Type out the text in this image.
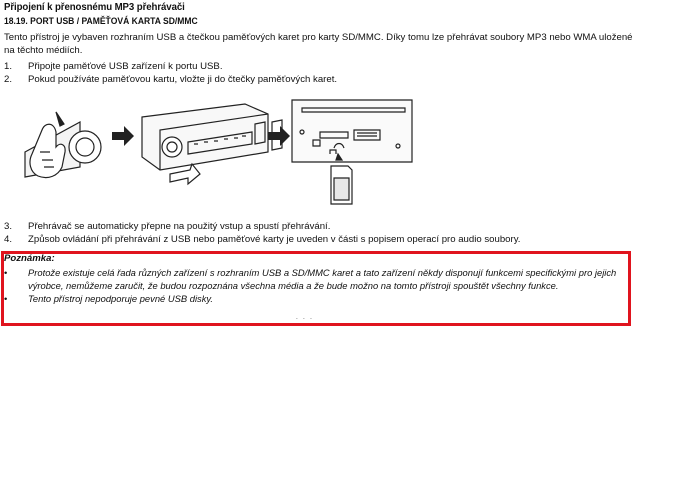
Připojení k přenosnému MP3 přehrávači
18.19. PORT USB / PAMĚŤOVÁ KARTA SD/MMC
Tento přístroj je vybaven rozhraním USB a čtečkou paměťových karet pro karty SD/MMC. Díky tomu lze přehrávat soubory MP3 nebo WMA uložené na těchto médiích.
1.	Připojte paměťové USB zařízení k portu USB.
2.	Pokud používáte paměťovou kartu, vložte ji do čtečky paměťových karet.
3.	Přehrávač se automaticky přepne na použitý vstup a spustí přehrávání.
4.	Způsob ovládání při přehrávání z USB nebo paměťové karty je uveden v části s popisem operací pro audio soubory.
Poznámka:
•	Protože existuje celá řada různých zařízení s rozhraním USB a SD/MMC karet a tato zařízení někdy disponují funkcemi specifickými pro jejich výrobce, nemůžeme zaručit, že budou rozpoznána všechna média a že bude možno na tomto přístroji spouštět všechny funkce.
•	Tento přístroj nepodporuje pevné USB disky.
- - -
